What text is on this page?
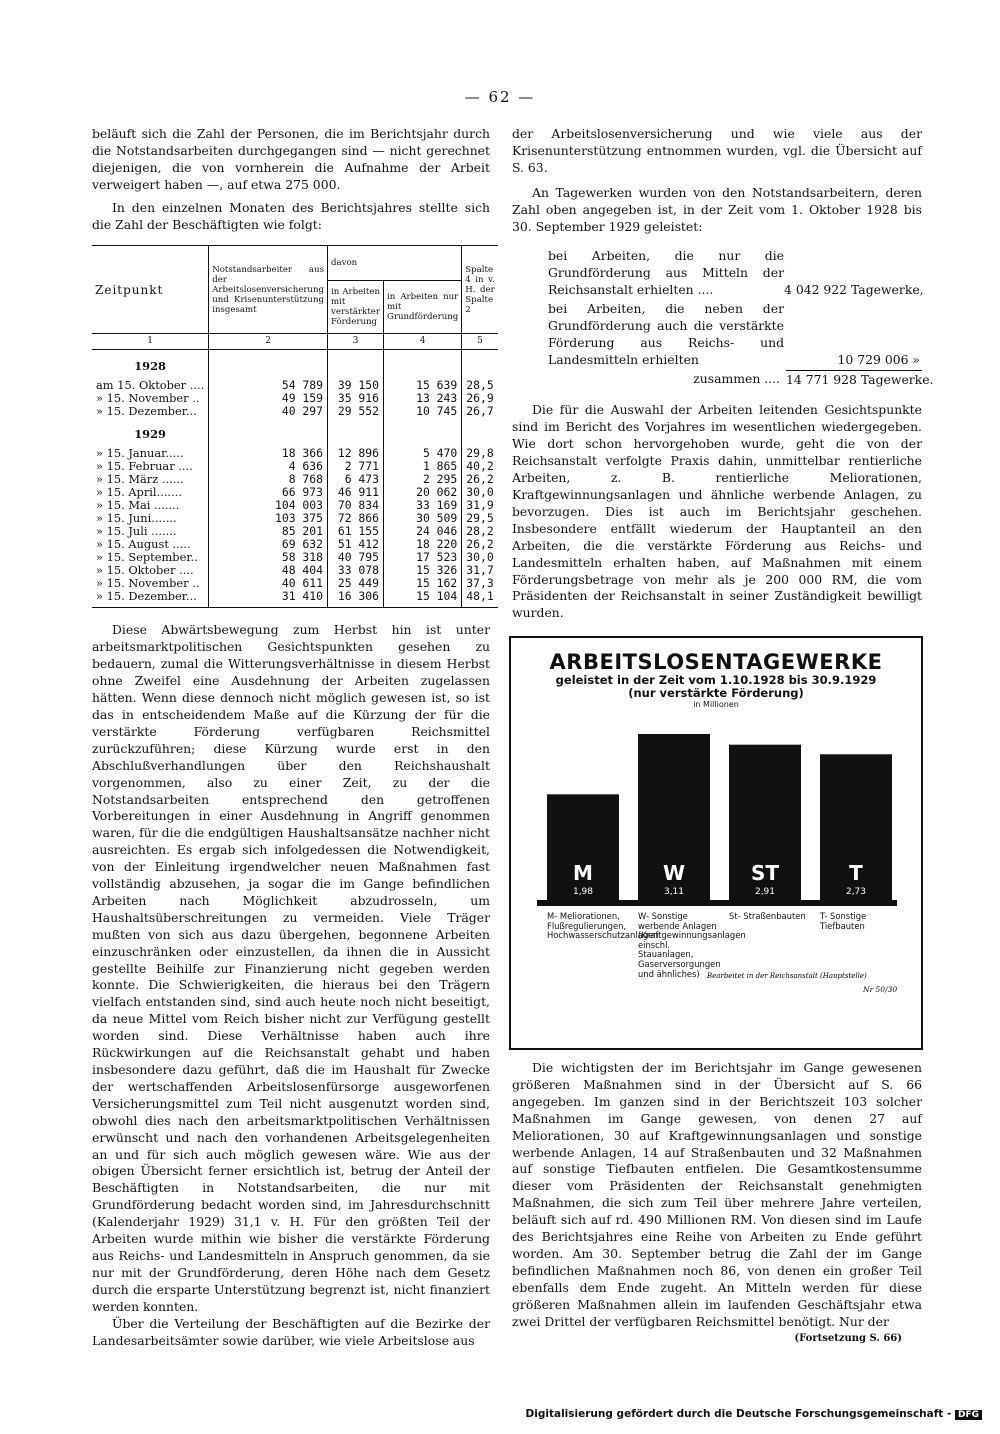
— 62 —

beläuft sich die Zahl der Personen, die im Berichtsjahr durch die Notstandsarbeiten durchgegangen sind — nicht gerechnet diejenigen, die von vornherein die Aufnahme der Arbeit verweigert haben —, auf etwa 275 000.

In den einzelnen Monaten des Berichtsjahres stellte sich die Zahl der Beschäftigten wie folgt:

Zeitpunkt	Notstandsarbeiter aus der Arbeitslosenversicherung und Krisenunterstützung insgesamt	davon		Spalte 4 in v. H. der Spalte 2
		in Arbeiten mit verstärkter Förderung	in Arbeiten nur mit Grundförderung	
1	2	3	4	5
1928				
am 15. Oktober ....	54 789	39 150	15 639	28,5
» 15. November ..	49 159	35 916	13 243	26,9
» 15. Dezember...	40 297	29 552	10 745	26,7
1929				
» 15. Januar.....	18 366	12 896	5 470	29,8
» 15. Februar ....	4 636	2 771	1 865	40,2
» 15. März ......	8 768	6 473	2 295	26,2
» 15. April.......	66 973	46 911	20 062	30,0
» 15. Mai .......	104 003	70 834	33 169	31,9
» 15. Juni.......	103 375	72 866	30 509	29,5
» 15. Juli .......	85 201	61 155	24 046	28,2
» 15. August .....	69 632	51 412	18 220	26,2
» 15. September..	58 318	40 795	17 523	30,0
» 15. Oktober ....	48 404	33 078	15 326	31,7
» 15. November ..	40 611	25 449	15 162	37,3
» 15. Dezember...	31 410	16 306	15 104	48,1

Diese Abwärtsbewegung zum Herbst hin ist unter arbeitsmarktpolitischen Gesichtspunkten gesehen zu bedauern, zumal die Witterungsverhältnisse in diesem Herbst ohne Zweifel eine Ausdehnung der Arbeiten zugelassen hätten. Wenn diese dennoch nicht möglich gewesen ist, so ist das in entscheidendem Maße auf die Kürzung der für die verstärkte Förderung verfügbaren Reichsmittel zurückzuführen; diese Kürzung wurde erst in den Abschlußverhandlungen über den Reichshaushalt vorgenommen, also zu einer Zeit, zu der die Notstandsarbeiten entsprechend den getroffenen Vorbereitungen in einer Ausdehnung in Angriff genommen waren, für die die endgültigen Haushaltsansätze nachher nicht ausreichten. Es ergab sich infolgedessen die Notwendigkeit, von der Einleitung irgendwelcher neuen Maßnahmen fast vollständig abzusehen, ja sogar die im Gange befindlichen Arbeiten nach Möglichkeit abzudrosseln, um Haushaltsüberschreitungen zu vermeiden. Viele Träger mußten von sich aus dazu übergehen, begonnene Arbeiten einzuschränken oder einzustellen, da ihnen die in Aussicht gestellte Beihilfe zur Finanzierung nicht gegeben werden konnte. Die Schwierigkeiten, die hieraus bei den Trägern vielfach entstanden sind, sind auch heute noch nicht beseitigt, da neue Mittel vom Reich bisher nicht zur Verfügung gestellt worden sind. Diese Verhältnisse haben auch ihre Rückwirkungen auf die Reichsanstalt gehabt und haben insbesondere dazu geführt, daß die im Haushalt für Zwecke der wertschaffenden Arbeitslosenfürsorge ausgeworfenen Versicherungsmittel zum Teil nicht ausgenutzt worden sind, obwohl dies nach den arbeitsmarktpolitischen Verhältnissen erwünscht und nach den vorhandenen Arbeitsgelegenheiten an und für sich auch möglich gewesen wäre. Wie aus der obigen Übersicht ferner ersichtlich ist, betrug der Anteil der Beschäftigten in Notstandsarbeiten, die nur mit Grundförderung bedacht worden sind, im Jahresdurchschnitt (Kalenderjahr 1929) 31,1 v. H. Für den größten Teil der Arbeiten wurde mithin wie bisher die verstärkte Förderung aus Reichs- und Landesmitteln in Anspruch genommen, da sie nur mit der Grundförderung, deren Höhe nach dem Gesetz durch die ersparte Unterstützung begrenzt ist, nicht finanziert werden konnten.

Über die Verteilung der Beschäftigten auf die Bezirke der Landesarbeitsämter sowie darüber, wie viele Arbeitslose aus

der Arbeitslosenversicherung und wie viele aus der Krisenunterstützung entnommen wurden, vgl. die Übersicht auf S. 63.

An Tagewerken wurden von den Notstandsarbeitern, deren Zahl oben angegeben ist, in der Zeit vom 1. Oktober 1928 bis 30. September 1929 geleistet:

bei Arbeiten, die nur die Grundförderung aus Mitteln der Reichsanstalt erhielten ....	4 042 922 Tagewerke,
bei Arbeiten, die neben der Grundförderung auch die verstärkte Förderung aus Reichs- und Landesmitteln erhielten	10 729 006 »
zusammen .... 14 771 928 Tagewerke.

Die für die Auswahl der Arbeiten leitenden Gesichtspunkte sind im Bericht des Vorjahres im wesentlichen wiedergegeben. Wie dort schon hervorgehoben wurde, geht die von der Reichsanstalt verfolgte Praxis dahin, unmittelbar rentierliche Arbeiten, z. B. rentierliche Meliorationen, Kraftgewinnungsanlagen und ähnliche werbende Anlagen, zu bevorzugen. Dies ist auch im Berichtsjahr geschehen. Insbesondere entfällt wiederum der Hauptanteil an den Arbeiten, die die verstärkte Förderung aus Reichs- und Landesmitteln erhalten haben, auf Maßnahmen mit einem Förderungsbetrage von mehr als je 200 000 RM, die vom Präsidenten der Reichsanstalt in seiner Zuständigkeit bewilligt wurden.

ARBEITSLOSENTAGEWERKE
geleistet in der Zeit vom 1.10.1928 bis 30.9.1929
(nur verstärkte Förderung)
in Millionen
M
1,98
W
3,11
ST
2,91
T
2,73
M- Meliorationen, Flußregulierungen, Hochwasserschutzanlagen
W- Sonstige werbende Anlagen (Kraftgewinnungsanlagen einschl. Stauanlagen, Gaserversorgungen und ähnliches)
St- Straßenbauten	T- Sonstige Tiefbauten
Bearbeitet in der Reichsanstalt (Hauptstelle)
Nr 50/30

Die wichtigsten der im Berichtsjahr im Gange gewesenen größeren Maßnahmen sind in der Übersicht auf S. 66 angegeben. Im ganzen sind in der Berichtszeit 103 solcher Maßnahmen im Gange gewesen, von denen 27 auf Meliorationen, 30 auf Kraftgewinnungsanlagen und sonstige werbende Anlagen, 14 auf Straßenbauten und 32 Maßnahmen auf sonstige Tiefbauten entfielen. Die Gesamtkostensumme dieser vom Präsidenten der Reichsanstalt genehmigten Maßnahmen, die sich zum Teil über mehrere Jahre verteilen, beläuft sich auf rd. 490 Millionen RM. Von diesen sind im Laufe des Berichtsjahres eine Reihe von Arbeiten zu Ende geführt worden. Am 30. September betrug die Zahl der im Gange befindlichen Maßnahmen noch 86, von denen ein großer Teil ebenfalls dem Ende zugeht. An Mitteln werden für diese größeren Maßnahmen allein im laufenden Geschäftsjahr etwa zwei Drittel der verfügbaren Reichsmittel benötigt. Nur der

(Fortsetzung S. 66)

Digitalisierung gefördert durch die Deutsche Forschungsgemeinschaft - DFG
